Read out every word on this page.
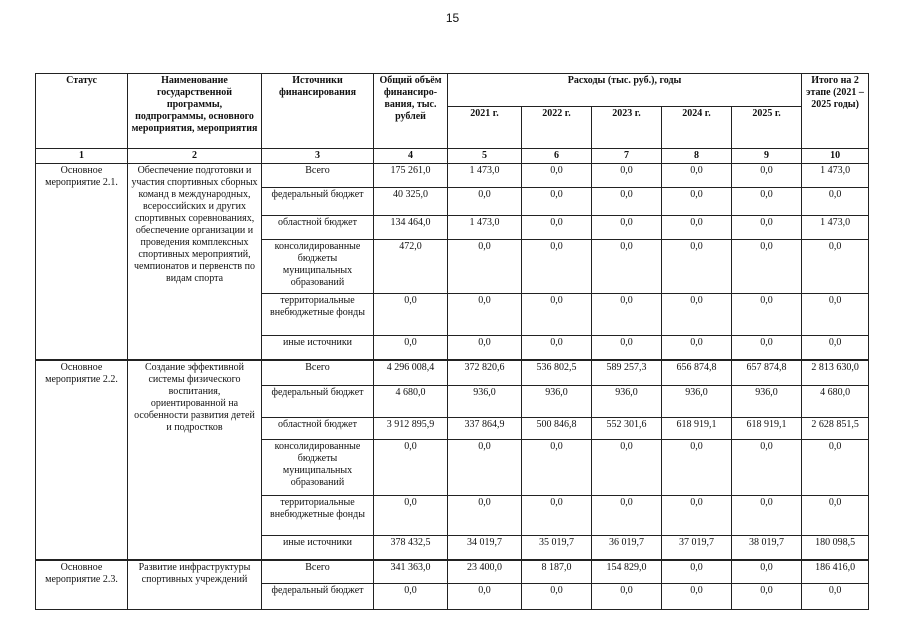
15
Статус	Наименование государственной программы, подпрограммы, основного мероприятия, мероприятия	Источники финансирования	Общий объём финансиро-вания, тыс. рублей	Расходы (тыс. руб.), годы					Итого на 2 этапе (2021 – 2025 годы)
				2021 г.	2022 г.	2023 г.	2024 г.	2025 г.	
1	2	3	4	5	6	7	8	9	10
Основное мероприятие 2.1.	Обеспечение подготовки и участия спортивных сборных команд в международных, всероссийских и других спортивных соревнованиях, обеспечение организации и проведения комплексных спортивных мероприятий, чемпионатов и первенств по видам спорта	Всего	175 261,0	1 473,0	0,0	0,0	0,0	0,0	1 473,0
		федеральный бюджет	40 325,0	0,0	0,0	0,0	0,0	0,0	0,0
		областной бюджет	134 464,0	1 473,0	0,0	0,0	0,0	0,0	1 473,0
		консолидированные бюджеты муниципальных образований	472,0	0,0	0,0	0,0	0,0	0,0	0,0
		территориальные внебюджетные фонды	0,0	0,0	0,0	0,0	0,0	0,0	0,0
		иные источники	0,0	0,0	0,0	0,0	0,0	0,0	0,0
Основное мероприятие 2.2.	Создание эффективной системы физического воспитания, ориентированной на особенности развития детей и подростков	Всего	4 296 008,4	372 820,6	536 802,5	589 257,3	656 874,8	657 874,8	2 813 630,0
		федеральный бюджет	4 680,0	936,0	936,0	936,0	936,0	936,0	4 680,0
		областной бюджет	3 912 895,9	337 864,9	500 846,8	552 301,6	618 919,1	618 919,1	2 628 851,5
		консолидированные бюджеты муниципальных образований	0,0	0,0	0,0	0,0	0,0	0,0	0,0
		территориальные внебюджетные фонды	0,0	0,0	0,0	0,0	0,0	0,0	0,0
		иные источники	378 432,5	34 019,7	35 019,7	36 019,7	37 019,7	38 019,7	180 098,5
Основное мероприятие 2.3.	Развитие инфраструктуры спортивных учреждений	Всего	341 363,0	23 400,0	8 187,0	154 829,0	0,0	0,0	186 416,0
		федеральный бюджет	0,0	0,0	0,0	0,0	0,0	0,0	0,0
